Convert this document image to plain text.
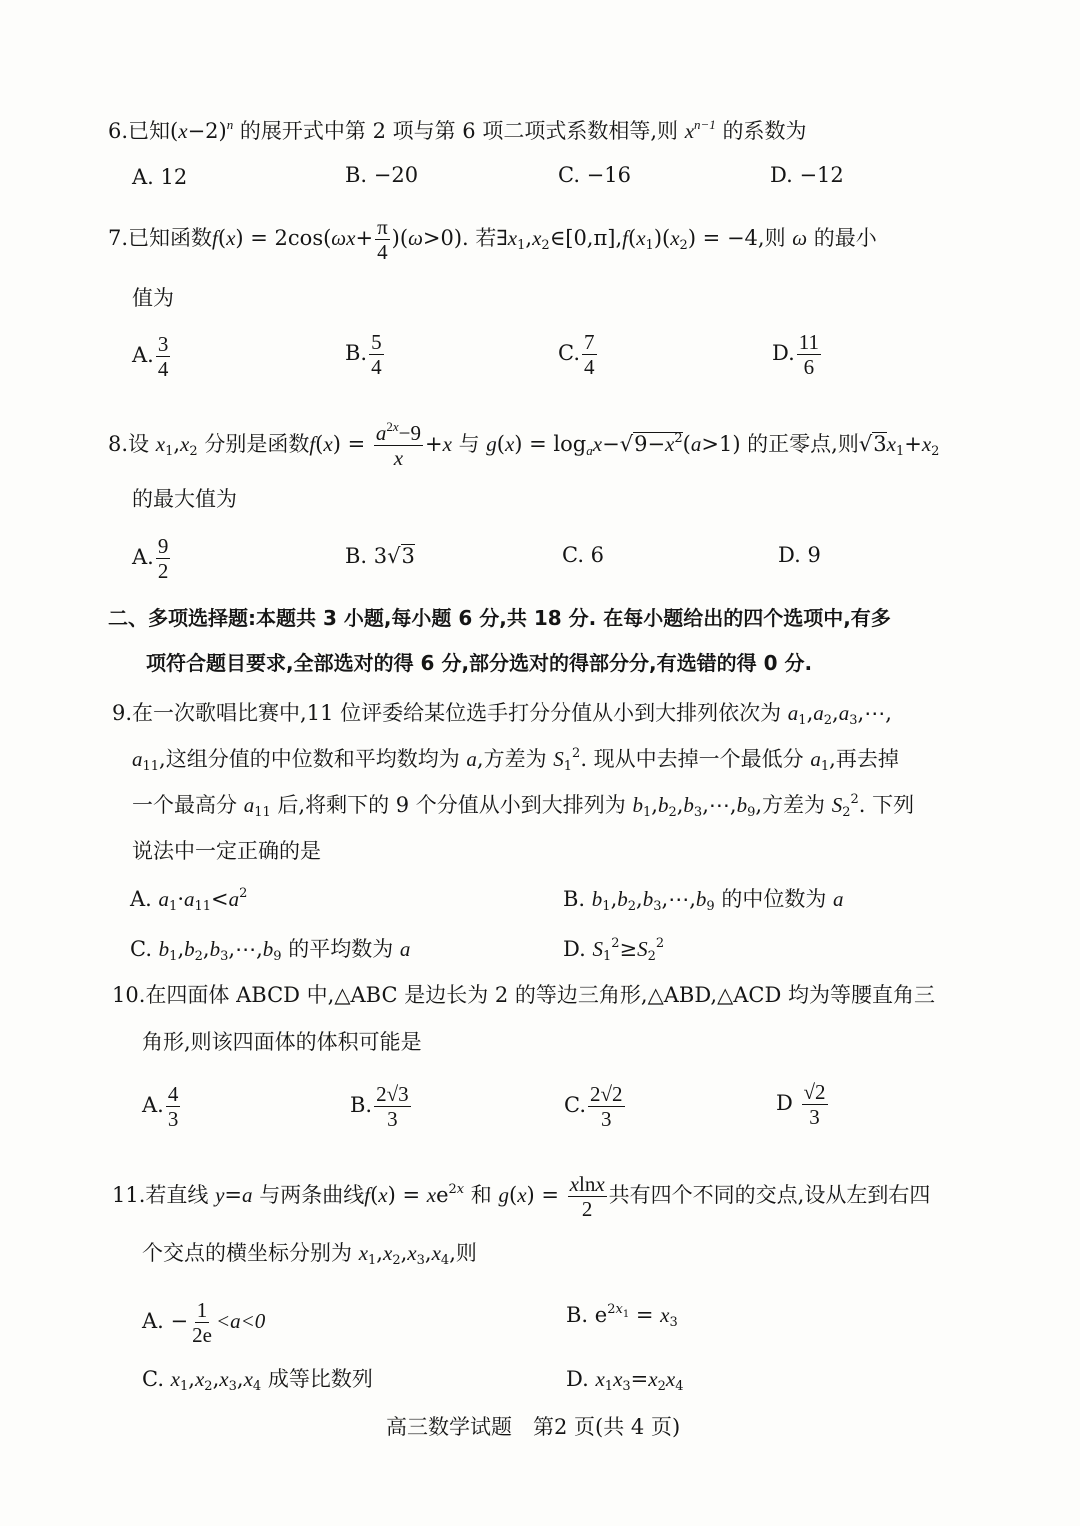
6.已知$(x-2)^n$ 的展开式中第 2 项与第 6 项二项式系数相等,则 $x^{n-1}$ 的系数为
A. 12	B. −20	C. −16	D. −12
7.已知函数$f(x) = 2\cos(\omega x+ \frac{\pi}{4} )(\omega>0)$. 若$\exists x_1,x_2\in[0,\pi],f(x_1)(x_2) = -4$,则 ω 的最小
值为
A. $\frac{3}{4}$	B. $\frac{5}{4}$	C. $\frac{7}{4}$	D. $\frac{11}{6}$
8.设 $x_1,x_2$ 分别是函数$f(x) = \frac{a^{2x}-9}{x} +x$ 与 $g(x) = \log_ax-√9-x^2(a>1)$ 的正零点,则$√3x_1+x_2$
的最大值为
A. $\frac{9}{2}$	B. 3√3	C. 6	D. 9
二、多项选择题:本题共 3 小题,每小题 6 分,共 18 分. 在每小题给出的四个选项中,有多
项符合题目要求,全部选对的得 6 分,部分选对的得部分分,有选错的得 0 分.
9.在一次歌唱比赛中,11 位评委给某位选手打分分值从小到大排列依次为 $a_1,a_2,a_3,\cdots$,
$a_{11}$,这组分值的中位数和平均数均为 a,方差为 $S_1^2$. 现从中去掉一个最低分 $a_1$,再去掉
一个最高分 $a_{11}$ 后,将剩下的 9 个分值从小到大排列为 $b_1,b_2,b_3,\cdots,b_9$,方差为 $S_2^2$. 下列
说法中一定正确的是
A. $a_1\cdot a_{11}<a^2$	B. $b_1,b_2,b_3,\cdots,b_9$ 的中位数为 a
C. $b_1,b_2,b_3,\cdots,b_9$ 的平均数为 a	D. $S_1^2\ge S_2^2$
10.在四面体 ABCD 中,△ABC 是边长为 2 的等边三角形,△ABD,△ACD 均为等腰直角三
角形,则该四面体的体积可能是
A. $\frac{4}{3}$	B. $\frac{2√3}{3}$	C. $\frac{2√2}{3}$	D $\frac{√2}{3}$
11.若直线 y=a 与两条曲线$f(x) = xe^{2x}$ 和 $g(x) = \frac{xlnx}{2}$ 共有四个不同的交点,设从左到右四
个交点的横坐标分别为 $x_1,x_2,x_3,x_4$,则
A. − $\frac{1}{2e} <a<0$	B. $e^{2x_1} = x_3$
C. $x_1,x_2,x_3,x_4$ 成等比数列	D. $x_1x_3=x_2x_4$
高三数学试题　第2 页(共 4 页)
